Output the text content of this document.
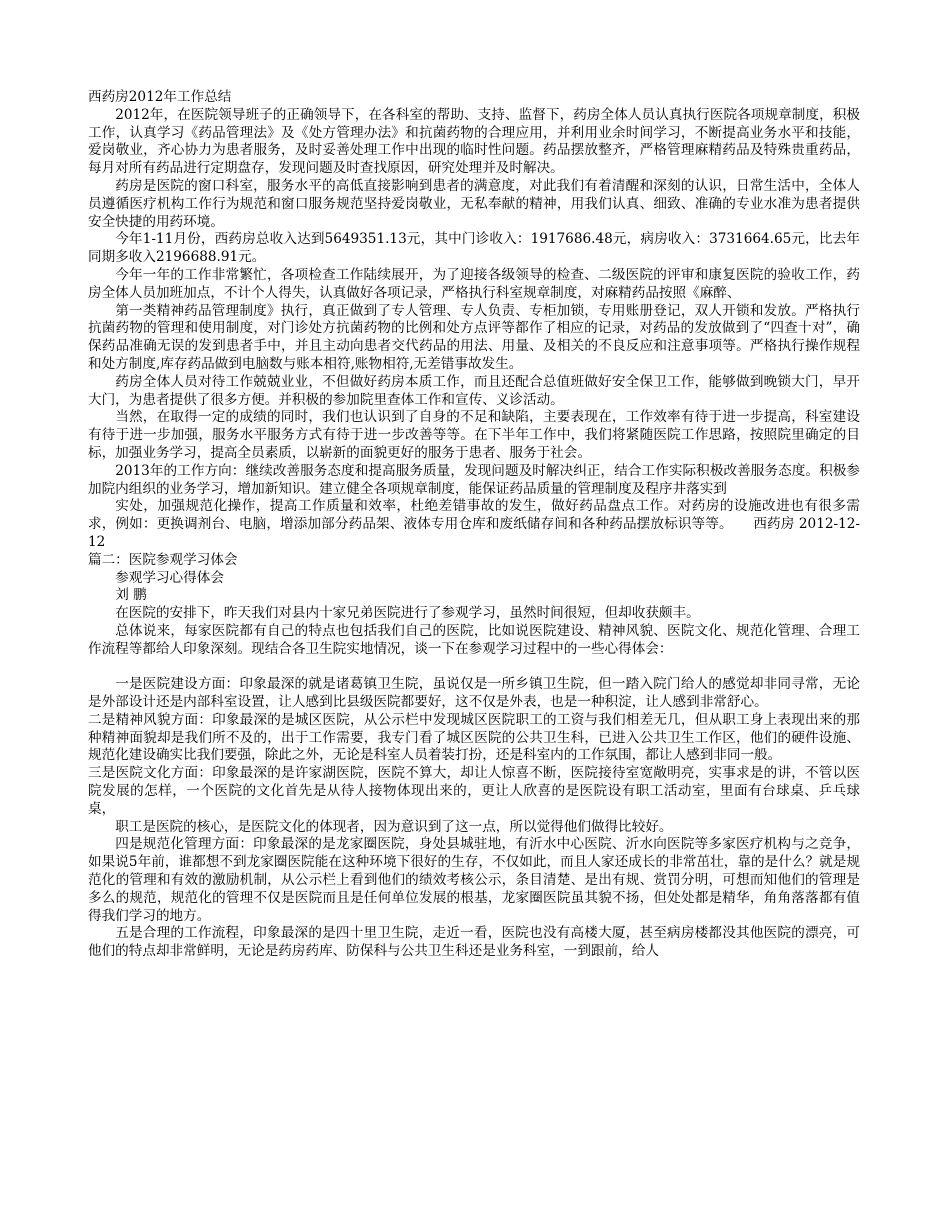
西药房2012年工作总结

2012年，在医院领导班子的正确领导下，在各科室的帮助、支持、监督下，药房全体人员认真执行医院各项规章制度，积极工作，认真学习《药品管理法》及《处方管理办法》和抗菌药物的合理应用，并利用业余时间学习，不断提高业务水平和技能，爱岗敬业，齐心协力为患者服务，及时妥善处理工作中出现的临时性问题。药品摆放整齐，严格管理麻精药品及特殊贵重药品，每月对所有药品进行定期盘存，发现问题及时查找原因，研究处理并及时解决。

药房是医院的窗口科室，服务水平的高低直接影响到患者的满意度，对此我们有着清醒和深刻的认识，日常生活中，全体人员遵循医疗机构工作行为规范和窗口服务规范坚持爱岗敬业，无私奉献的精神，用我们认真、细致、准确的专业水准为患者提供安全快捷的用药环境。

今年1-11月份，西药房总收入达到5649351.13元，其中门诊收入：1917686.48元，病房收入：3731664.65元，比去年同期多收入2196688.91元。

今年一年的工作非常繁忙，各项检查工作陆续展开，为了迎接各级领导的检查、二级医院的评审和康复医院的验收工作，药房全体人员加班加点，不计个人得失，认真做好各项记录，严格执行科室规章制度，对麻精药品按照《麻醉、

第一类精神药品管理制度》执行，真正做到了专人管理、专人负责、专柜加锁，专用账册登记，双人开锁和发放。严格执行抗菌药物的管理和使用制度，对门诊处方抗菌药物的比例和处方点评等都作了相应的记录，对药品的发放做到了“四查十对”，确保药品准确无误的发到患者手中，并且主动向患者交代药品的用法、用量、及相关的不良反应和注意事项等。严格执行操作规程和处方制度,库存药品做到电脑数与账本相符,账物相符,无差错事故发生。

药房全体人员对待工作兢兢业业，不但做好药房本质工作，而且还配合总值班做好安全保卫工作，能够做到晚锁大门，早开大门，为患者提供了很多方便。并积极的参加院里查体工作和宣传、义诊活动。

当然，在取得一定的成绩的同时，我们也认识到了自身的不足和缺陷，主要表现在，工作效率有待于进一步提高，科室建设有待于进一步加强，服务水平服务方式有待于进一步改善等等。在下半年工作中，我们将紧随医院工作思路，按照院里确定的目标，加强业务学习，提高全员素质，以崭新的面貌更好的服务于患者、服务于社会。

2013年的工作方向：继续改善服务态度和提高服务质量，发现问题及时解决纠正，结合工作实际积极改善服务态度。积极参加院内组织的业务学习，增加新知识。建立健全各项规章制度，能保证药品质量的管理制度及程序井落实到

实处，加强规范化操作，提高工作质量和效率，杜绝差错事故的发生，做好药品盘点工作。对药房的设施改进也有很多需求，例如：更换调剂台、电脑，增添加部分药品架、液体专用仓库和废纸储存间和各种药品摆放标识等等。　　西药房 2012-12-12

篇二：医院参观学习体会

参观学习心得体会

刘 鹏

在医院的安排下，昨天我们对县内十家兄弟医院进行了参观学习，虽然时间很短，但却收获颇丰。

总体说来，每家医院都有自己的特点也包括我们自己的医院，比如说医院建设、精神风貌、医院文化、规范化管理、合理工作流程等都给人印象深刻。现结合各卫生院实地情况，谈一下在参观学习过程中的一些心得体会：

一是医院建设方面：印象最深的就是诸葛镇卫生院，虽说仅是一所乡镇卫生院，但一踏入院门给人的感觉却非同寻常，无论是外部设计还是内部科室设置，让人感到比县级医院都要好，这不仅是外表，也是一种积淀，让人感到非常舒心。

二是精神风貌方面：印象最深的是城区医院，从公示栏中发现城区医院职工的工资与我们相差无几，但从职工身上表现出来的那种精神面貌却是我们所不及的，出于工作需要，我专门看了城区医院的公共卫生科，已进入公共卫生工作区，他们的硬件设施、规范化建设确实比我们要强，除此之外，无论是科室人员着装打扮，还是科室内的工作氛围，都让人感到非同一般。

三是医院文化方面：印象最深的是许家湖医院，医院不算大，却让人惊喜不断，医院接待室宽敞明亮，实事求是的讲，不管以医院发展的怎样，一个医院的文化首先是从待人接物体现出来的，更让人欣喜的是医院设有职工活动室，里面有台球桌、乒乓球桌，

职工是医院的核心，是医院文化的体现者，因为意识到了这一点，所以觉得他们做得比较好。

四是规范化管理方面：印象最深的是龙家圈医院，身处县城驻地，有沂水中心医院、沂水向医院等多家医疗机构与之竞争，如果说5年前，谁都想不到龙家圈医院能在这种环境下很好的生存，不仅如此，而且人家还成长的非常茁壮，靠的是什么？就是规范化的管理和有效的激励机制，从公示栏上看到他们的绩效考核公示，条目清楚、是出有规、赏罚分明，可想而知他们的管理是多么的规范，规范化的管理不仅是医院而且是任何单位发展的根基，龙家圈医院虽其貌不扬，但处处都是精华，角角落落都有值得我们学习的地方。

五是合理的工作流程，印象最深的是四十里卫生院，走近一看，医院也没有高楼大厦，甚至病房楼都没其他医院的漂亮，可他们的特点却非常鲜明，无论是药房药库、防保科与公共卫生科还是业务科室，一到跟前，给人
